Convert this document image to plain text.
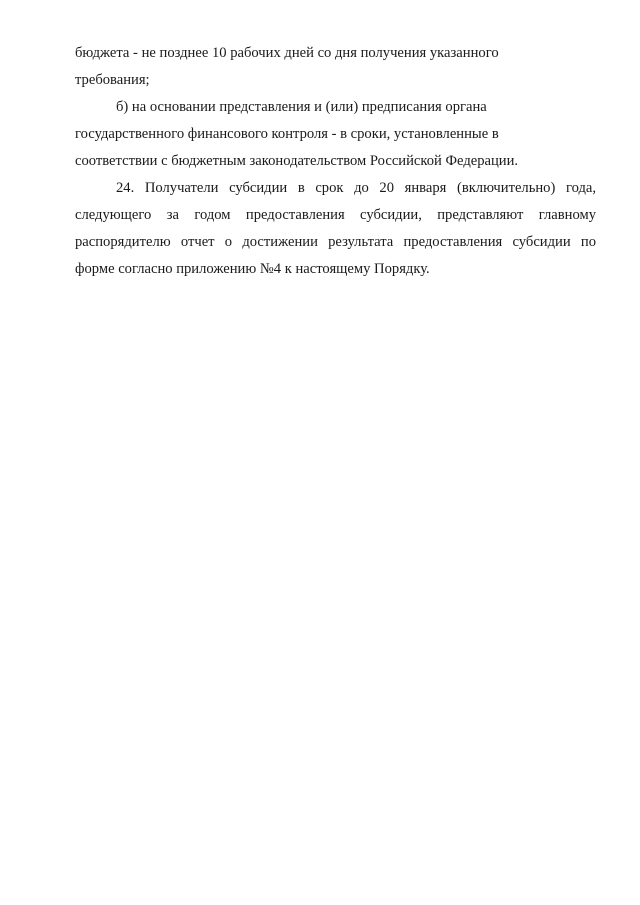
бюджета - не позднее 10 рабочих дней со дня получения указанного
требования;
б) на основании представления и (или) предписания органа
государственного финансового контроля - в сроки, установленные в
соответствии с бюджетным законодательством Российской Федерации.
24. Получатели субсидии в срок до 20 января (включительно) года,
следующего за годом предоставления субсидии, представляют главному
распорядителю отчет о достижении результата предоставления субсидии по
форме согласно приложению №4 к настоящему Порядку.
